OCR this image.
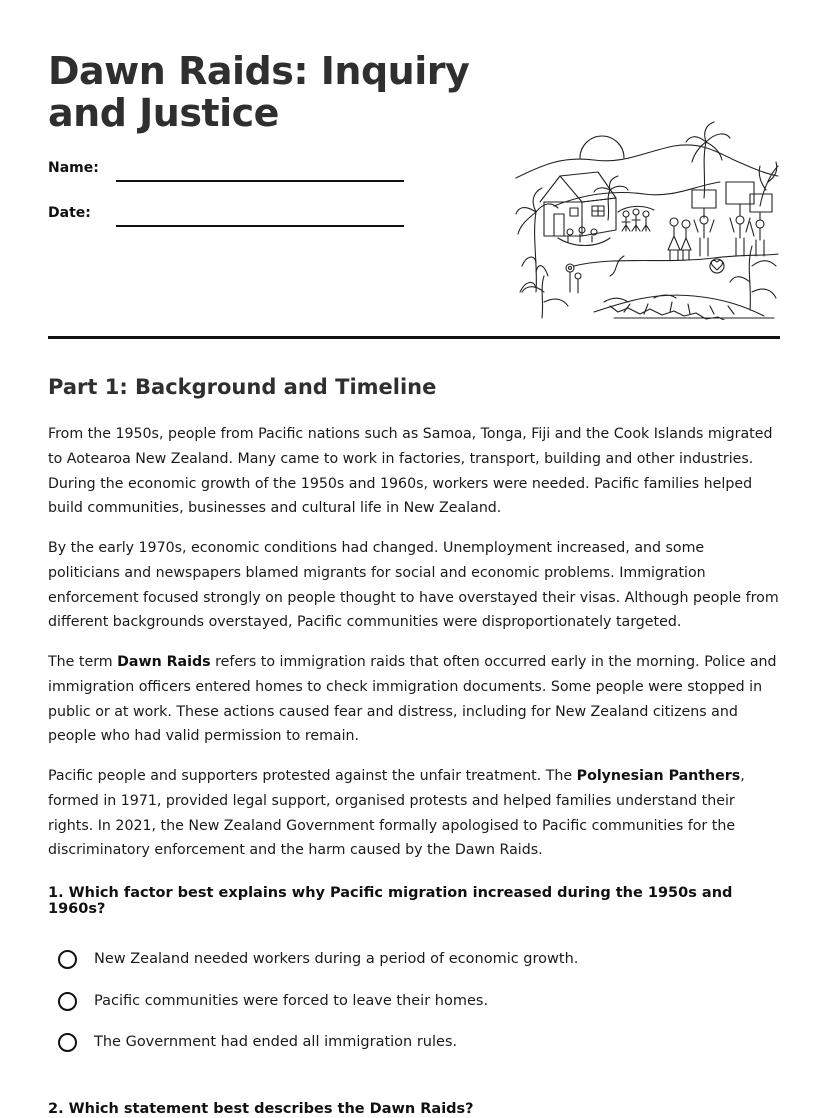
Dawn Raids: Inquiry and Justice
Name:
Date:
Part 1: Background and Timeline

From the 1950s, people from Pacific nations such as Samoa, Tonga, Fiji and the Cook Islands migrated to Aotearoa New Zealand. Many came to work in factories, transport, building and other industries. During the economic growth of the 1950s and 1960s, workers were needed. Pacific families helped build communities, businesses and cultural life in New Zealand.

By the early 1970s, economic conditions had changed. Unemployment increased, and some politicians and newspapers blamed migrants for social and economic problems. Immigration enforcement focused strongly on people thought to have overstayed their visas. Although people from different backgrounds overstayed, Pacific communities were disproportionately targeted.

The term Dawn Raids refers to immigration raids that often occurred early in the morning. Police and immigration officers entered homes to check immigration documents. Some people were stopped in public or at work. These actions caused fear and distress, including for New Zealand citizens and people who had valid permission to remain.

Pacific people and supporters protested against the unfair treatment. The Polynesian Panthers, formed in 1971, provided legal support, organised protests and helped families understand their rights. In 2021, the New Zealand Government formally apologised to Pacific communities for the discriminatory enforcement and the harm caused by the Dawn Raids.

1. Which factor best explains why Pacific migration increased during the 1950s and 1960s?

New Zealand needed workers during a period of economic growth.
Pacific communities were forced to leave their homes.
The Government had ended all immigration rules.

2. Which statement best describes the Dawn Raids?
